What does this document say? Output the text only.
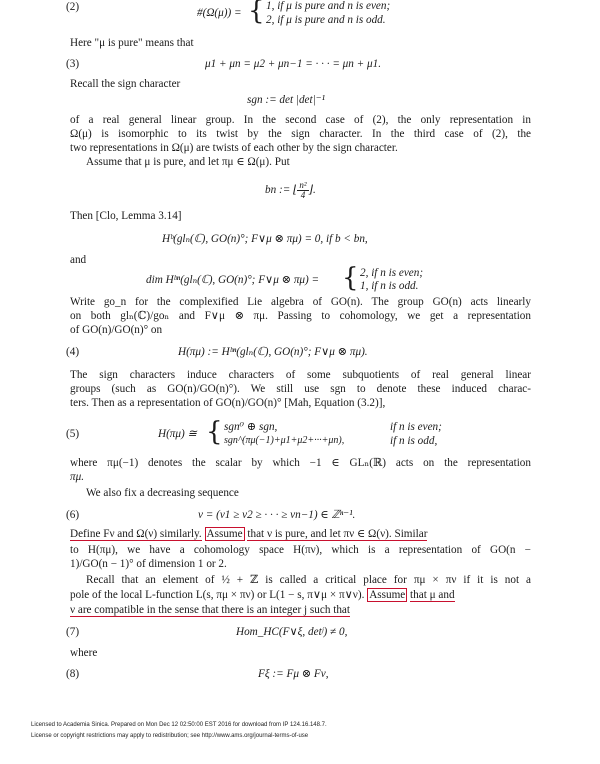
(2)	#(Ω(μ)) = { 1, if μ is pure and n is even;
2, if μ is pure and n is odd.
Here "μ is pure" means that
(3)	μ1 + μn = μ2 + μn−1 = · · · = μn + μ1.
Recall the sign character
sgn := det |det|⁻¹
of a real general linear group. In the second case of (2), the only representation in
Ω(μ) is isomorphic to its twist by the sign character. In the third case of (2), the
two representations in Ω(μ) are twists of each other by the sign character.
Assume that μ is pure, and let πμ ∈ Ω(μ). Put
bn := ⌊ $\frac{\text{n²}}{4}$ ⌋.
Then [Clo, Lemma 3.14]
Hᵇ(glₙ(ℂ), GO(n)°; F∨μ ⊗ πμ) = 0, if b < bn,
and
dim Hᵇⁿ(glₙ(ℂ), GO(n)°; F∨μ ⊗ πμ) = { 2, if n is even;
1, if n is odd.
Write go_n for the complexified Lie algebra of GO(n). The group GO(n) acts linearly
on both glₙ(ℂ)/goₙ and F∨μ ⊗ πμ. Passing to cohomology, we get a representation
of GO(n)/GO(n)° on
(4)	H(πμ) := Hᵇⁿ(glₙ(ℂ), GO(n)°; F∨μ ⊗ πμ).
The sign characters induce characters of some subquotients of real general linear
groups (such as GO(n)/GO(n)°). We still use sgn to denote these induced charac-
ters. Then as a representation of GO(n)/GO(n)° [Mah, Equation (3.2)],
(5)	H(πμ) ≅ { sgn⁰ ⊕ sgn,	if n is even;
sgn^(πμ(−1)+μ1+μ2+···+μn),	if n is odd,
where πμ(−1) denotes the scalar by which −1 ∈ GLₙ(ℝ) acts on the representation
πμ.
We also fix a decreasing sequence
(6)	ν = (ν1 ≥ ν2 ≥ · · · ≥ νn−1) ∈ ℤⁿ⁻¹.
Define Fν and Ω(ν) similarly. Assume that ν is pure, and let πν ∈ Ω(ν). Similar
to H(πμ), we have a cohomology space H(πν), which is a representation of GO(n −
1)/GO(n − 1)° of dimension 1 or 2.
Recall that an element of ½ + ℤ is called a critical place for πμ × πν if it is not a
pole of the local L-function L(s, πμ × πν) or L(1 − s, π∨μ × π∨ν). Assume that μ and
ν are compatible in the sense that there is an integer j such that
(7)	Hom_HC(F∨ξ, detʲ) ≠ 0,
where
(8)	Fξ := Fμ ⊗ Fν,
Licensed to Academia Sinica. Prepared on Mon Dec 12 02:50:00 EST 2016 for download from IP 124.16.148.7.
License or copyright restrictions may apply to redistribution; see http://www.ams.org/journal-terms-of-use
